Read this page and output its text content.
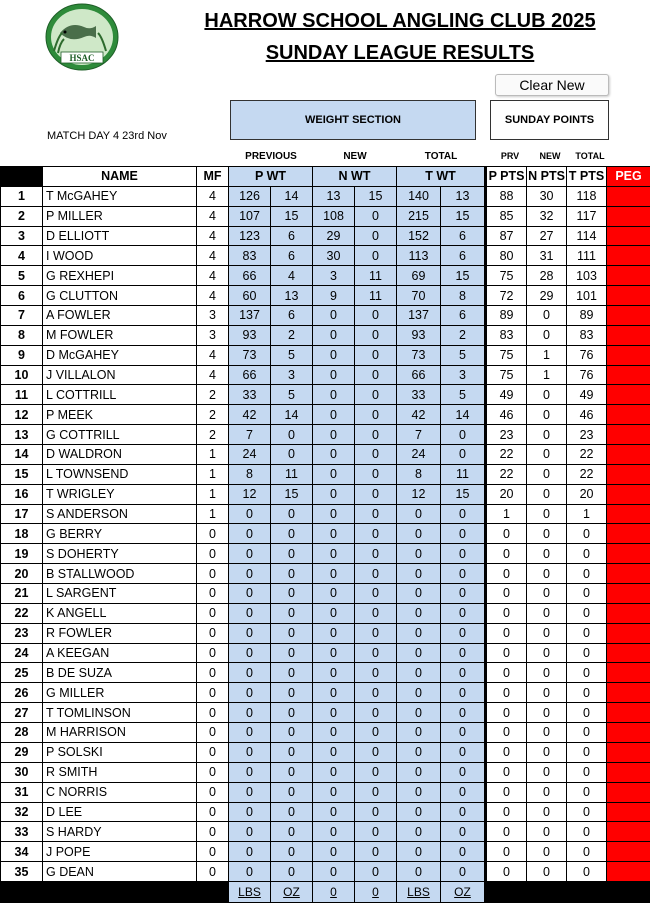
HSAC
HARROW SCHOOL ANGLING CLUB 2025
SUNDAY LEAGUE RESULTS
Clear New
WEIGHT SECTION	SUNDAY POINTS
MATCH DAY 4 23rd Nov
PREVIOUS	NEW	TOTAL	PRV	NEW	TOTAL
	NAME	MF	P WT		N WT		T WT			P PTS	N PTS	T PTS	PEG
1	T McGAHEY	4	126	14	13	15	140	13		88	30	118	
2	P MILLER	4	107	15	108	0	215	15		85	32	117	
3	D ELLIOTT	4	123	6	29	0	152	6		87	27	114	
4	I WOOD	4	83	6	30	0	113	6		80	31	111	
5	G REXHEPI	4	66	4	3	11	69	15		75	28	103	
6	G CLUTTON	4	60	13	9	11	70	8		72	29	101	
7	A FOWLER	3	137	6	0	0	137	6		89	0	89	
8	M FOWLER	3	93	2	0	0	93	2		83	0	83	
9	D McGAHEY	4	73	5	0	0	73	5		75	1	76	
10	J VILLALON	4	66	3	0	0	66	3		75	1	76	
11	L COTTRILL	2	33	5	0	0	33	5		49	0	49	
12	P MEEK	2	42	14	0	0	42	14		46	0	46	
13	G COTTRILL	2	7	0	0	0	7	0		23	0	23	
14	D WALDRON	1	24	0	0	0	24	0		22	0	22	
15	L TOWNSEND	1	8	11	0	0	8	11		22	0	22	
16	T WRIGLEY	1	12	15	0	0	12	15		20	0	20	
17	S ANDERSON	1	0	0	0	0	0	0		1	0	1	
18	G BERRY	0	0	0	0	0	0	0		0	0	0	
19	S DOHERTY	0	0	0	0	0	0	0		0	0	0	
20	B STALLWOOD	0	0	0	0	0	0	0		0	0	0	
21	L SARGENT	0	0	0	0	0	0	0		0	0	0	
22	K ANGELL	0	0	0	0	0	0	0		0	0	0	
23	R FOWLER	0	0	0	0	0	0	0		0	0	0	
24	A KEEGAN	0	0	0	0	0	0	0		0	0	0	
25	B DE SUZA	0	0	0	0	0	0	0		0	0	0	
26	G MILLER	0	0	0	0	0	0	0		0	0	0	
27	T TOMLINSON	0	0	0	0	0	0	0		0	0	0	
28	M HARRISON	0	0	0	0	0	0	0		0	0	0	
29	P SOLSKI	0	0	0	0	0	0	0		0	0	0	
30	R SMITH	0	0	0	0	0	0	0		0	0	0	
31	C NORRIS	0	0	0	0	0	0	0		0	0	0	
32	D LEE	0	0	0	0	0	0	0		0	0	0	
33	S HARDY	0	0	0	0	0	0	0		0	0	0	
34	J POPE	0	0	0	0	0	0	0		0	0	0	
35	G DEAN	0	0	0	0	0	0	0		0	0	0	
			LBS	OZ	0	0	LBS	OZ					
